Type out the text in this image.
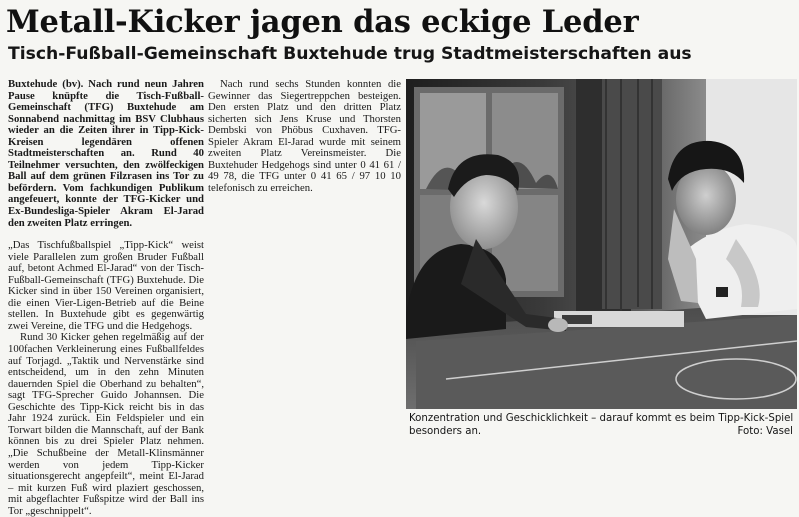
Metall-Kicker jagen das eckige Leder
Tisch-Fußball-Gemeinschaft Buxtehude trug Stadtmeisterschaften aus

Buxtehude (bv). Nach rund neun Jahren Pause knüpfte die Tisch-Fußball-Gemeinschaft (TFG) Buxtehude am Sonnabend nachmittag im BSV Clubhaus wieder an die Zeiten ihrer in Tipp-Kick-Kreisen legendären offenen Stadtmeisterschaften an. Rund 40 Teilnehmer versuchten, den zwölfeckigen Ball auf dem grünen Filzrasen ins Tor zu befördern. Vom fachkundigen Publikum angefeuert, konnte der TFG-Kicker und Ex-Bundesliga-Spieler Akram El-Jarad den zweiten Platz erringen.

„Das Tischfußballspiel „Tipp-Kick“ weist viele Parallelen zum großen Bruder Fußball auf, betont Achmed El-Jarad“ von der Tisch-Fußball-Gemeinschaft (TFG) Buxtehude. Die Kicker sind in über 150 Vereinen organisiert, die einen Vier-Ligen-Betrieb auf die Beine stellen. In Buxtehude gibt es gegenwärtig zwei Vereine, die TFG und die Hedgehogs.

Rund 30 Kicker gehen regelmäßig auf der 100fachen Verkleinerung eines Fußballfeldes auf Torjagd. „Taktik und Nervenstärke sind entscheidend, um in den zehn Minuten dauernden Spiel die Oberhand zu behalten“, sagt TFG-Sprecher Guido Johannsen. Die Geschichte des Tipp-Kick reicht bis in das Jahr 1924 zurück. Ein Feldspieler und ein Torwart bilden die Mannschaft, auf der Bank können bis zu drei Spieler Platz nehmen. „Die Schußbeine der Metall-Klinsmänner werden von jedem Tipp-Kicker situationsgerecht angepfeilt“, meint El-Jarad – mit kurzen Fuß wird plaziert geschossen, mit abgeflachter Fußspitze wird der Ball ins Tor „geschnippelt“.

Nach rund sechs Stunden konnten die Gewinner das Siegertreppchen besteigen. Den ersten Platz und den dritten Platz sicherten sich Jens Kruse und Thorsten Dembski von Phöbus Cuxhaven. TFG-Spieler Akram El-Jarad wurde mit seinem zweiten Platz Vereinsmeister. Die Buxtehuder Hedgehogs sind unter 0 41 61 / 49 78, die TFG unter 0 41 65 / 97 10 10 telefonisch zu erreichen.

Konzentration und Geschicklichkeit – darauf kommt es beim Tipp-Kick-Spiel besonders an.	Foto: Vasel
